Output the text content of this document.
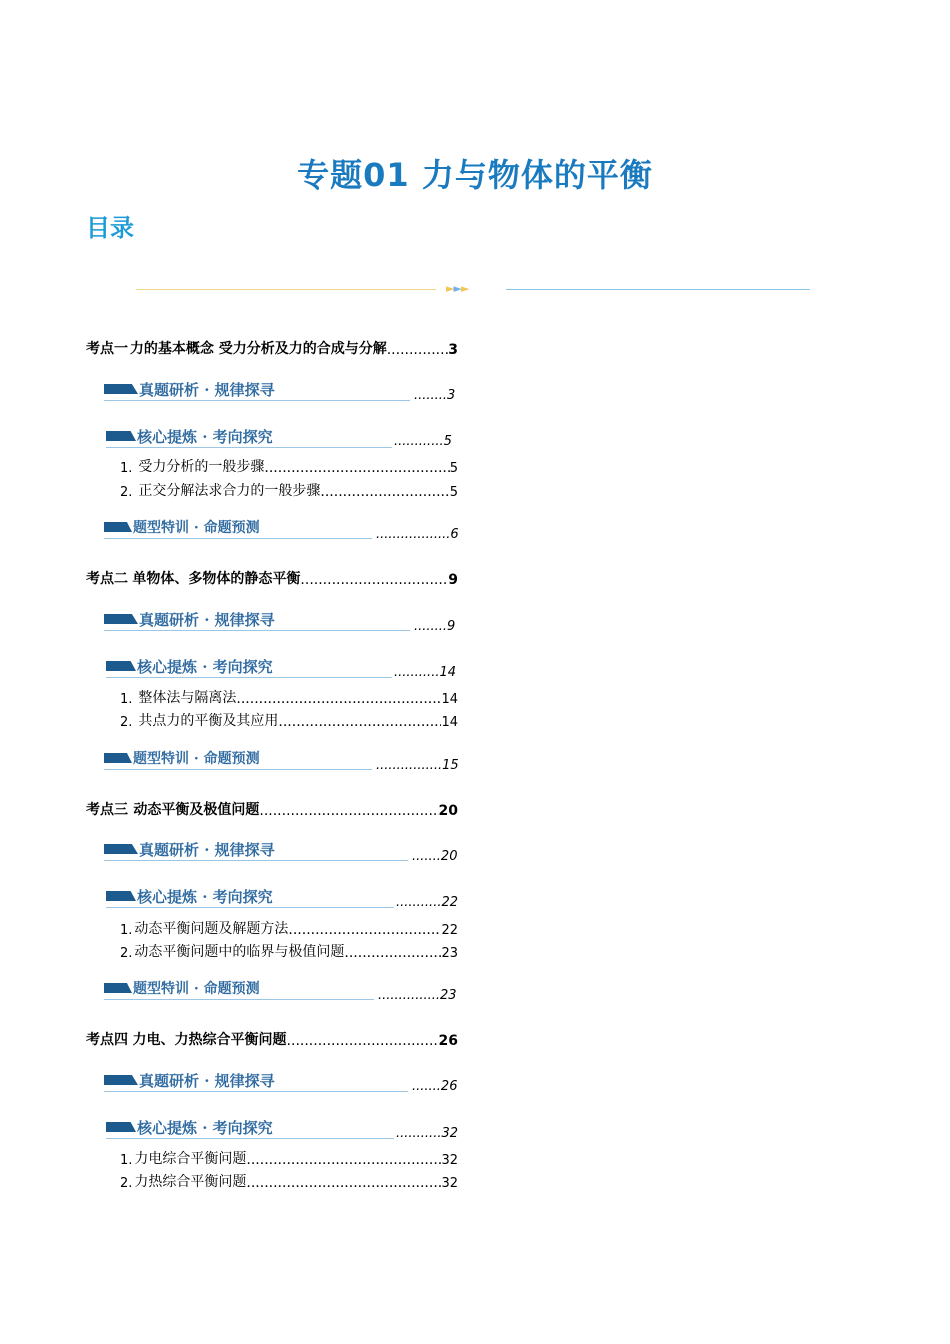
专题01 力与物体的平衡
目录
►►►
考点一 力的基本概念 受力分析及力的合成与分解 .....	3
真题研析 · 规律探寻	........3
核心提炼 · 考向探究	............5
1. 受力分析的一般步骤 .....	5
2. 正交分解法求合力的一般步骤 .....	5
题型特训 · 命题预测	..................6
考点二 单物体、多物体的静态平衡 .....	9
真题研析 · 规律探寻	........9
核心提炼 · 考向探究	...........14
1. 整体法与隔离法 .....	14
2. 共点力的平衡及其应用 .....	14
题型特训 · 命题预测	................15
考点三 动态平衡及极值问题 .....	20
真题研析 · 规律探寻	.......20
核心提炼 · 考向探究	...........22
1. 动态平衡问题及解题方法 .....	22
2. 动态平衡问题中的临界与极值问题 .....	23
题型特训 · 命题预测	...............23
考点四 力电、力热综合平衡问题 .....	26
真题研析 · 规律探寻	.......26
核心提炼 · 考向探究	...........32
1. 力电综合平衡问题 .....	32
2. 力热综合平衡问题 .....	32
